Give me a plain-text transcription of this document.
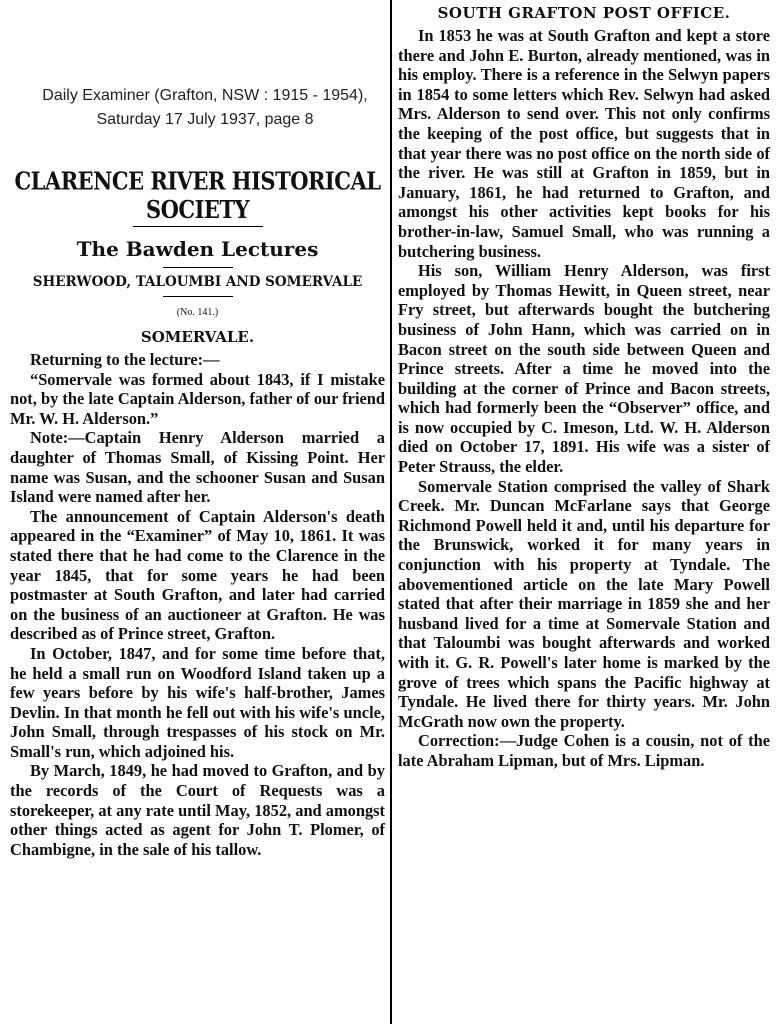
Daily Examiner (Grafton, NSW : 1915 - 1954),
Saturday 17 July 1937, page 8
CLARENCE RIVER HISTORICAL SOCIETY
The Bawden Lectures
SHERWOOD, TALOUMBI AND SOMERVALE
(No. 141.)
SOMERVALE.

Returning to the lecture:—

“Somervale was formed about 1843, if I mistake not, by the late Captain Alderson, father of our friend Mr. W. H. Alderson.”

Note:—Captain Henry Alderson married a daughter of Thomas Small, of Kissing Point. Her name was Susan, and the schooner Susan and Susan Island were named after her.

The announcement of Captain Alderson's death appeared in the “Examiner” of May 10, 1861. It was stated there that he had come to the Clarence in the year 1845, that for some years he had been postmaster at South Grafton, and later had carried on the business of an auctioneer at Grafton. He was described as of Prince street, Grafton.

In October, 1847, and for some time before that, he held a small run on Woodford Island taken up a few years before by his wife's half-brother, James Devlin. In that month he fell out with his wife's uncle, John Small, through trespasses of his stock on Mr. Small's run, which adjoined his.

By March, 1849, he had moved to Grafton, and by the records of the Court of Requests was a storekeeper, at any rate until May, 1852, and amongst other things acted as agent for John T. Plomer, of Chambigne, in the sale of his tallow.

SOUTH GRAFTON POST OFFICE.

In 1853 he was at South Grafton and kept a store there and John E. Burton, already mentioned, was in his employ. There is a reference in the Selwyn papers in 1854 to some letters which Rev. Selwyn had asked Mrs. Alderson to send over. This not only confirms the keeping of the post office, but suggests that in that year there was no post office on the north side of the river. He was still at Grafton in 1859, but in January, 1861, he had returned to Grafton, and amongst his other activities kept books for his brother-in-law, Samuel Small, who was running a butchering business.

His son, William Henry Alderson, was first employed by Thomas Hewitt, in Queen street, near Fry street, but afterwards bought the butchering business of John Hann, which was carried on in Bacon street on the south side between Queen and Prince streets. After a time he moved into the building at the corner of Prince and Bacon streets, which had formerly been the “Observer” office, and is now occupied by C. Imeson, Ltd. W. H. Alderson died on October 17, 1891. His wife was a sister of Peter Strauss, the elder.

Somervale Station comprised the valley of Shark Creek. Mr. Duncan McFarlane says that George Richmond Powell held it and, until his departure for the Brunswick, worked it for many years in conjunction with his property at Tyndale. The abovementioned article on the late Mary Powell stated that after their marriage in 1859 she and her husband lived for a time at Somervale Station and that Taloumbi was bought afterwards and worked with it. G. R. Powell's later home is marked by the grove of trees which spans the Pacific highway at Tyndale. He lived there for thirty years. Mr. John McGrath now own the property.

Correction:—Judge Cohen is a cousin, not of the late Abraham Lipman, but of Mrs. Lipman.
